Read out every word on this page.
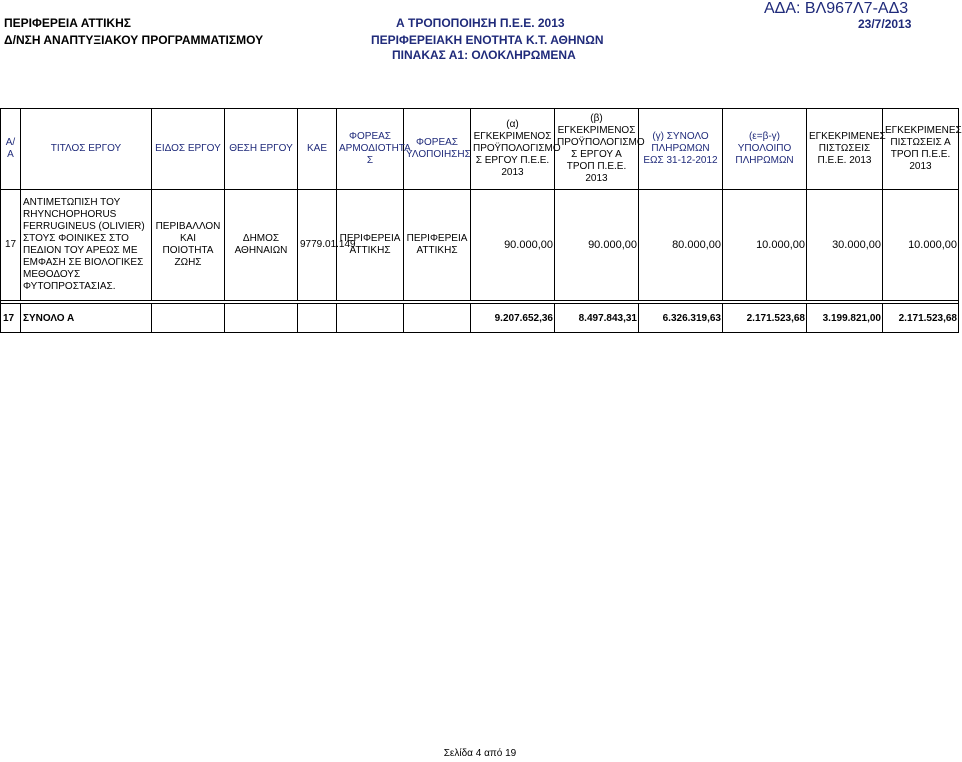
ΠΕΡΙΦΕΡΕΙΑ ΑΤΤΙΚΗΣ
Δ/ΝΣΗ ΑΝΑΠΤΥΞΙΑΚΟΥ ΠΡΟΓΡΑΜΜΑΤΙΣΜΟΥ
Α ΤΡΟΠΟΠΟΙΗΣΗ Π.Ε.Ε. 2013
ΠΕΡΙΦΕΡΕΙΑΚΗ ΕΝΟΤΗΤΑ Κ.Τ. ΑΘΗΝΩΝ
ΠΙΝΑΚΑΣ Α1: ΟΛΟΚΛΗΡΩΜΕΝΑ
ΑΔΑ: ΒΛ967Λ7-ΑΔ3
23/7/2013
Α/Α	ΤΙΤΛΟΣ ΕΡΓΟΥ	ΕΙΔΟΣ ΕΡΓΟΥ	ΘΕΣΗ ΕΡΓΟΥ	ΚΑΕ	ΦΟΡΕΑΣ ΑΡΜΟΔΙΟΤΗΤΑ Σ	ΦΟΡΕΑΣ ΥΛΟΠΟΙΗΣΗΣ	(α) ΕΓΚΕΚΡΙΜΕΝΟΣ ΠΡΟΫΠΟΛΟΓΙΣΜΟ Σ ΕΡΓΟΥ Π.Ε.Ε. 2013	(β) ΕΓΚΕΚΡΙΜΕΝΟΣ ΠΡΟΫΠΟΛΟΓΙΣΜΟ Σ ΕΡΓΟΥ Α ΤΡΟΠ Π.Ε.Ε. 2013	(γ) ΣΥΝΟΛΟ ΠΛΗΡΩΜΩΝ ΕΩΣ 31-12-2012	(ε=β-γ) ΥΠΟΛΟΙΠΟ ΠΛΗΡΩΜΩΝ	ΕΓΚΕΚΡΙΜΕΝΕΣ ΠΙΣΤΩΣΕΙΣ Π.Ε.Ε. 2013	ΕΓΚΕΚΡΙΜΕΝΕΣ ΠΙΣΤΩΣΕΙΣ Α ΤΡΟΠ Π.Ε.Ε. 2013
17	ΑΝΤΙΜΕΤΩΠΙΣΗ ΤΟΥ RHYNCHOPHORUS FERRUGINEUS (OLIVIER) ΣΤΟΥΣ ΦΟΙΝΙΚΕΣ ΣΤΟ ΠΕΔΙΟΝ ΤΟΥ ΑΡΕΩΣ ΜΕ ΕΜΦΑΣΗ ΣΕ ΒΙΟΛΟΓΙΚΕΣ ΜΕΘΟΔΟΥΣ ΦΥΤΟΠΡΟΣΤΑΣΙΑΣ.	ΠΕΡΙΒΑΛΛΟΝ ΚΑΙ ΠΟΙΟΤΗΤΑ ΖΩΗΣ	ΔΗΜΟΣ ΑΘΗΝΑΙΩΝ	9779.01.149	ΠΕΡΙΦΕΡΕΙΑ ΑΤΤΙΚΗΣ	ΠΕΡΙΦΕΡΕΙΑ ΑΤΤΙΚΗΣ	90.000,00	90.000,00	80.000,00	10.000,00	30.000,00	10.000,00

17	ΣΥΝΟΛΟ Α						9.207.652,36	8.497.843,31	6.326.319,63	2.171.523,68	3.199.821,00	2.171.523,68
Σελίδα 4 από 19
